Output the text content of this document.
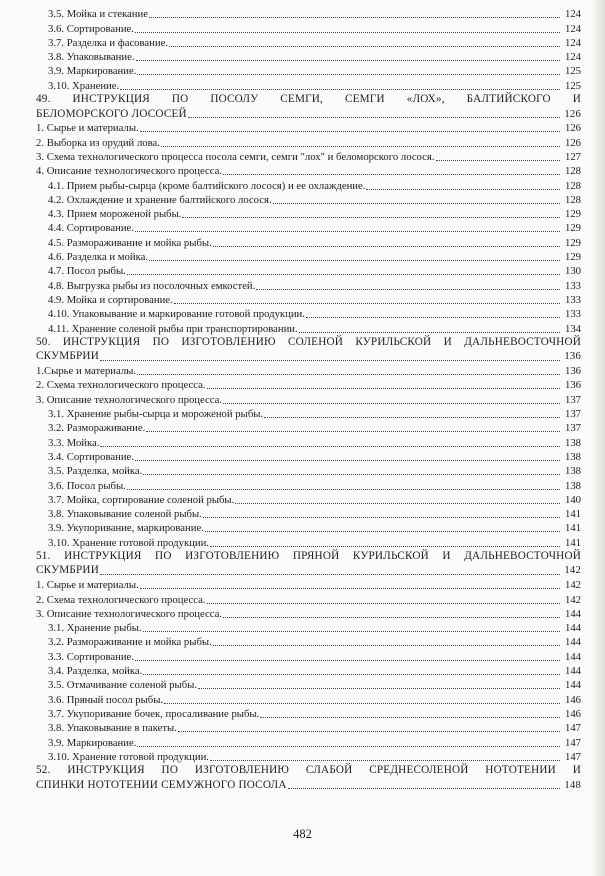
3.5. Мойка и стекание	124
3.6. Сортирование.	124
3.7. Разделка и фасование.	124
3.8. Упаковывание.	124
3.9. Маркирование.	125
3.10. Хранение.	125
49. ИНСТРУКЦИЯ ПО ПОСОЛУ СЕМГИ, СЕМГИ «ЛОХ», БАЛТИЙСКОГО И
БЕЛОМОРСКОГО ЛОСОСЕЙ	126
1. Сырье и материалы.	126
2. Выборка из орудий лова.	126
3. Схема технологического процесса посола семги, семги "лох" и беломорского лосося.	127
4. Описание технологического процесса.	128
4.1. Прием рыбы-сырца (кроме балтийского лосося) и ее охлаждение.	128
4.2. Охлаждение и хранение балтийского лосося.	128
4.3. Прием мороженой рыбы.	129
4.4. Сортирование.	129
4.5. Размораживание и мойка рыбы.	129
4.6. Разделка и мойка.	129
4.7. Посол рыбы.	130
4.8. Выгрузка рыбы из посолочных емкостей.	133
4.9. Мойка и сортирование.	133
4.10. Упаковывание и маркирование готовой продукции.	133
4.11. Хранение соленой рыбы при транспортировании.	134
50. ИНСТРУКЦИЯ ПО ИЗГОТОВЛЕНИЮ СОЛЕНОЙ КУРИЛЬСКОЙ И ДАЛЬНЕВОСТОЧНОЙ
СКУМБРИИ	136
1.Сырье и материалы.	136
2. Схема технологического процесса.	136
3. Описание технологического процесса.	137
3.1. Хранение рыбы-сырца и мороженой рыбы.	137
3.2. Размораживание.	137
3.3. Мойка.	138
3.4. Сортирование.	138
3.5. Разделка, мойка.	138
3.6. Посол рыбы.	138
3.7. Мойка, сортирование соленой рыбы.	140
3.8. Упаковывание соленой рыбы.	141
3.9. Укупоривание, маркирование.	141
3.10. Хранение готовой продукции.	141
51. ИНСТРУКЦИЯ ПО ИЗГОТОВЛЕНИЮ ПРЯНОЙ КУРИЛЬСКОЙ И ДАЛЬНЕВОСТОЧНОЙ
СКУМБРИИ	142
1. Сырье и материалы.	142
2. Схема технологического процесса.	142
3. Описание технологического процесса.	144
3.1. Хранение рыбы.	144
3.2. Размораживание и мойка рыбы.	144
3.3. Сортирование.	144
3.4. Разделка, мойка.	144
3.5. Отмачивание соленой рыбы.	144
3.6. Пряный посол рыбы.	146
3.7. Укупоривание бочек, просаливание рыбы.	146
3.8. Упаковывание в пакеты.	147
3.9. Маркирование.	147
3.10. Хранение готовой продукции.	147
52. ИНСТРУКЦИЯ ПО ИЗГОТОВЛЕНИЮ СЛАБОЙ СРЕДНЕСОЛЕНОЙ НОТОТЕНИИ И
СПИНКИ НОТОТЕНИИ СЕМУЖНОГО ПОСОЛА	148
482
